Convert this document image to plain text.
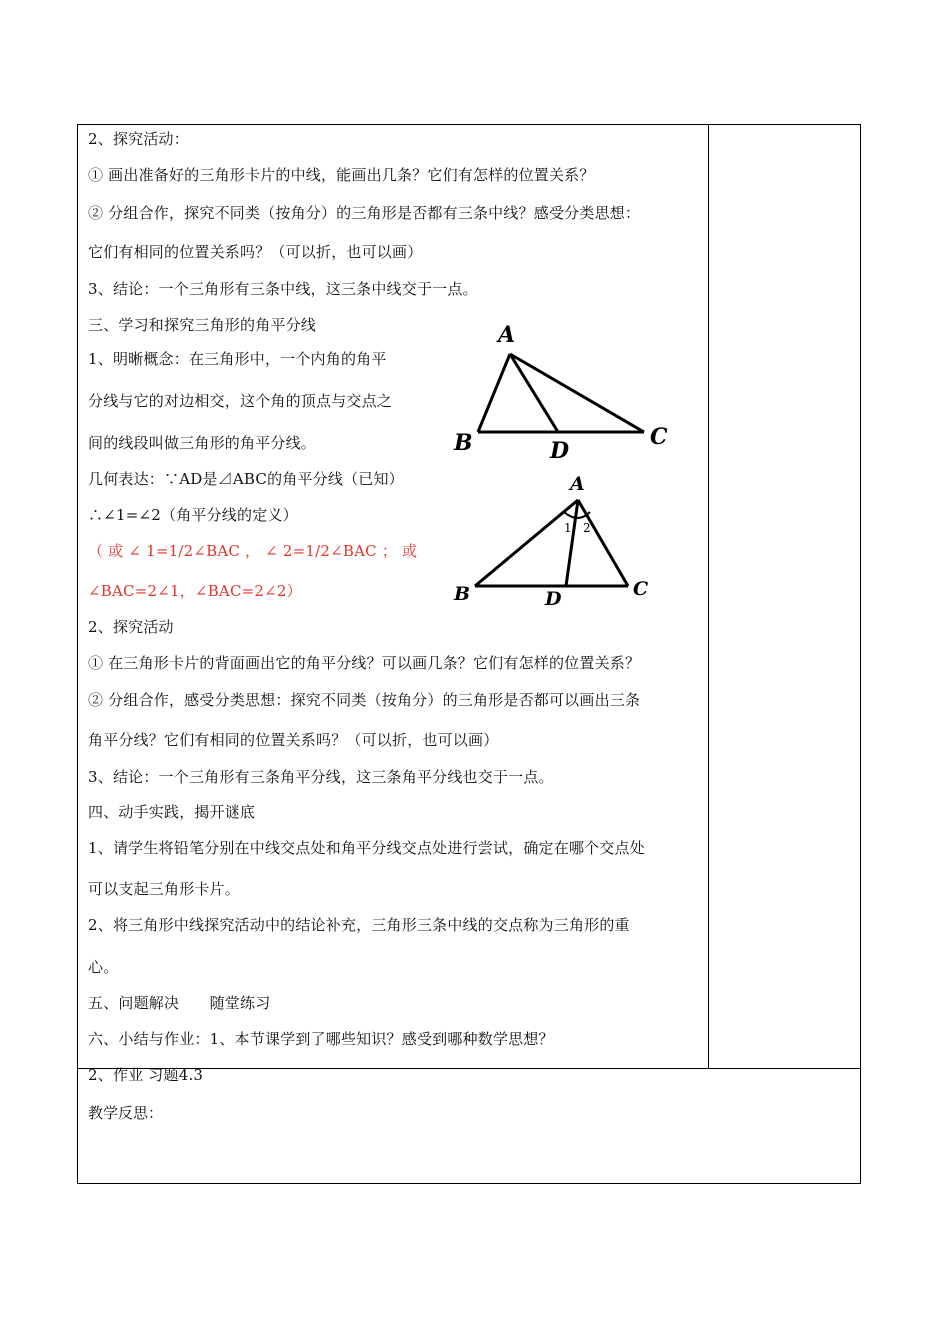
2、探究活动：
① 画出准备好的三角形卡片的中线，能画出几条？它们有怎样的位置关系？
② 分组合作，探究不同类（按角分）的三角形是否都有三条中线？感受分类思想：
它们有相同的位置关系吗？（可以折，也可以画）
3、结论：一个三角形有三条中线，这三条中线交于一点。
三、学习和探究三角形的角平分线
1、明晰概念：在三角形中，一个内角的角平
分线与它的对边相交，这个角的顶点与交点之
间的线段叫做三角形的角平分线。
几何表达：∵AD是⊿ABC的角平分线（已知）
∴∠1=∠2（角平分线的定义）
（ 或 ∠ 1=1/2∠BAC ， ∠ 2=1/2∠BAC ； 或
∠BAC=2∠1，∠BAC=2∠2）
2、探究活动
① 在三角形卡片的背面画出它的角平分线？可以画几条？它们有怎样的位置关系？
② 分组合作，感受分类思想：探究不同类（按角分）的三角形是否都可以画出三条
角平分线？它们有相同的位置关系吗？（可以折，也可以画）
3、结论：一个三角形有三条角平分线，这三条角平分线也交于一点。
四、动手实践，揭开谜底
1、请学生将铅笔分别在中线交点处和角平分线交点处进行尝试，确定在哪个交点处
可以支起三角形卡片。
2、将三角形中线探究活动中的结论补充，三角形三条中线的交点称为三角形的重
心。
五、问题解决　　随堂练习
六、小结与作业：1、本节课学到了哪些知识？感受到哪种数学思想？
2、作业 习题4.3
教学反思：
A
B	C
D
A
B	C
D
1 2
